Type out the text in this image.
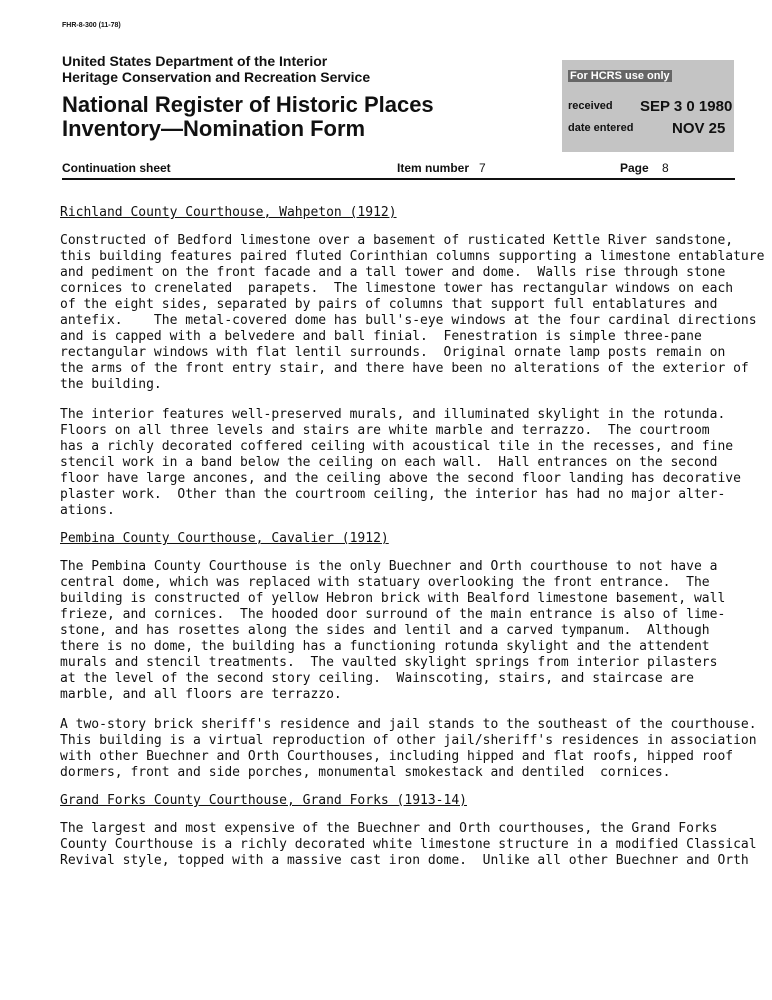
FHR-8-300 (11-78)
United States Department of the Interior
Heritage Conservation and Recreation Service
National Register of Historic Places
Inventory—Nomination Form
For HCRS use only
received SEP 3 0 1980
date entered	NOV 25
Continuation sheet	Item number 7	Page 8
Richland County Courthouse, Wahpeton (1912)
Constructed of Bedford limestone over a basement of rusticated Kettle River sandstone,
this building features paired fluted Corinthian columns supporting a limestone entablature
and pediment on the front facade and a tall tower and dome.  Walls rise through stone
cornices to crenelated  parapets.  The limestone tower has rectangular windows on each
of the eight sides, separated by pairs of columns that support full entablatures and
antefix.    The metal-covered dome has bull's-eye windows at the four cardinal directions
and is capped with a belvedere and ball finial.  Fenestration is simple three-pane
rectangular windows with flat lentil surrounds.  Original ornate lamp posts remain on
the arms of the front entry stair, and there have been no alterations of the exterior of
the building.
The interior features well-preserved murals, and illuminated skylight in the rotunda.
Floors on all three levels and stairs are white marble and terrazzo.  The courtroom
has a richly decorated coffered ceiling with acoustical tile in the recesses, and fine
stencil work in a band below the ceiling on each wall.  Hall entrances on the second
floor have large ancones, and the ceiling above the second floor landing has decorative
plaster work.  Other than the courtroom ceiling, the interior has had no major alter-
ations.
Pembina County Courthouse, Cavalier (1912)
The Pembina County Courthouse is the only Buechner and Orth courthouse to not have a
central dome, which was replaced with statuary overlooking the front entrance.  The
building is constructed of yellow Hebron brick with Bealford limestone basement, wall
frieze, and cornices.  The hooded door surround of the main entrance is also of lime-
stone, and has rosettes along the sides and lentil and a carved tympanum.  Although
there is no dome, the building has a functioning rotunda skylight and the attendent
murals and stencil treatments.  The vaulted skylight springs from interior pilasters
at the level of the second story ceiling.  Wainscoting, stairs, and staircase are
marble, and all floors are terrazzo.
A two-story brick sheriff's residence and jail stands to the southeast of the courthouse.
This building is a virtual reproduction of other jail/sheriff's residences in association
with other Buechner and Orth Courthouses, including hipped and flat roofs, hipped roof
dormers, front and side porches, monumental smokestack and dentiled  cornices.
Grand Forks County Courthouse, Grand Forks (1913-14)
The largest and most expensive of the Buechner and Orth courthouses, the Grand Forks
County Courthouse is a richly decorated white limestone structure in a modified Classical
Revival style, topped with a massive cast iron dome.  Unlike all other Buechner and Orth
